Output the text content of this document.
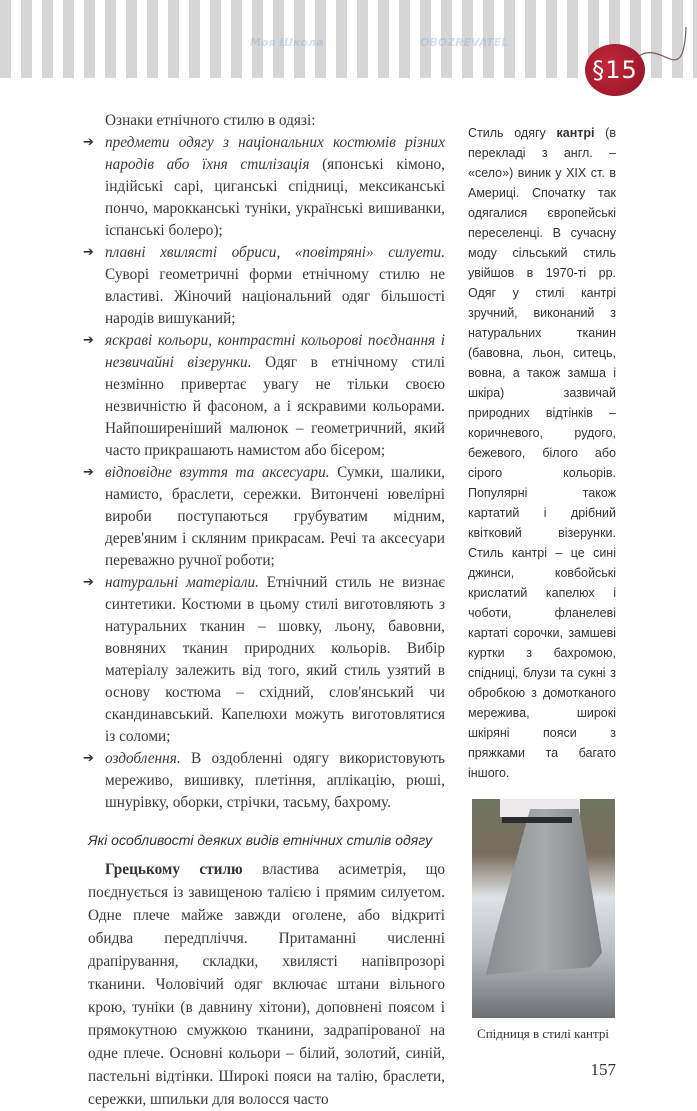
Моя Школа	OBOZREVATEL
§15
Ознаки етнічного стилю в одязі:
➔ предмети одягу з національних костюмів різних народів або їхня стилізація (японські кімоно, індійські сарі, циганські спідниці, мексиканські пончо, марокканські туніки, українські вишиванки, іспанські болеро);
➔ плавні хвилясті обриси, «повітряні» силуети. Суворі геометричні форми етнічному стилю не властиві. Жіночий національний одяг більшості народів вишуканий;
➔ яскраві кольори, контрастні кольорові поєднання і незвичайні візерунки. Одяг в етнічному стилі незмінно привертає увагу не тільки своєю незвичністю й фасоном, а і яскравими кольорами. Найпоширеніший малюнок – геометричний, який часто прикрашають намистом або бісером;
➔ відповідне взуття та аксесуари. Сумки, шалики, намисто, браслети, сережки. Витончені ювелірні вироби поступаються грубуватим мідним, дерев'яним і скляним прикрасам. Речі та аксесуари переважно ручної роботи;
➔ натуральні матеріали. Етнічний стиль не визнає синтетики. Костюми в цьому стилі виготовляють з натуральних тканин – шовку, льону, бавовни, вовняних тканин природних кольорів. Вибір матеріалу залежить від того, який стиль узятий в основу костюма – східний, слов'янський чи скандинавський. Капелюхи можуть виготовлятися із соломи;
➔ оздоблення. В оздобленні одягу використовують мереживо, вишивку, плетіння, аплікацію, рюші, шнурівку, оборки, стрічки, тасьму, бахрому.
Які особливості деяких видів етнічних стилів одягу
Грецькому стилю властива асиметрія, що поєднується із завищеною талією і прямим силуетом. Одне плече майже завжди оголене, або відкриті обидва передпліччя. Притаманні численні драпірування, складки, хвилясті напівпрозорі тканини. Чоловічий одяг включає штани вільного крою, туніки (в давнину хітони), доповнені поясом і прямокутною смужкою тканини, задрапірованої на одне плече. Основні кольори – білий, золотий, синій, пастельні відтінки. Широкі пояси на талію, браслети, сережки, шпильки для волосся часто
Стиль одягу кантрі (в перекладі з англ. – «село») виник у XIX ст. в Америці. Спочатку так одягалися європейські переселенці. В сучасну моду сільський стиль увійшов в 1970-ті рр. Одяг у стилі кантрі зручний, виконаний з натуральних тканин (бавовна, льон, ситець, вовна, а також замша і шкіра) зазвичай природних відтінків – коричневого, рудого, бежевого, білого або сірого кольорів. Популярні також картатий і дрібний квітковий візерунки. Стиль кантрі – це сині джинси, ковбойські крислатий капелюх і чоботи, фланелеві картаті сорочки, замшеві куртки з бахромою, спідниці, блузи та сукні з обробкою з домотканого мережива, широкі шкіряні пояси з пряжками та багато іншого.
Спідниця в стилі кантрі
157
